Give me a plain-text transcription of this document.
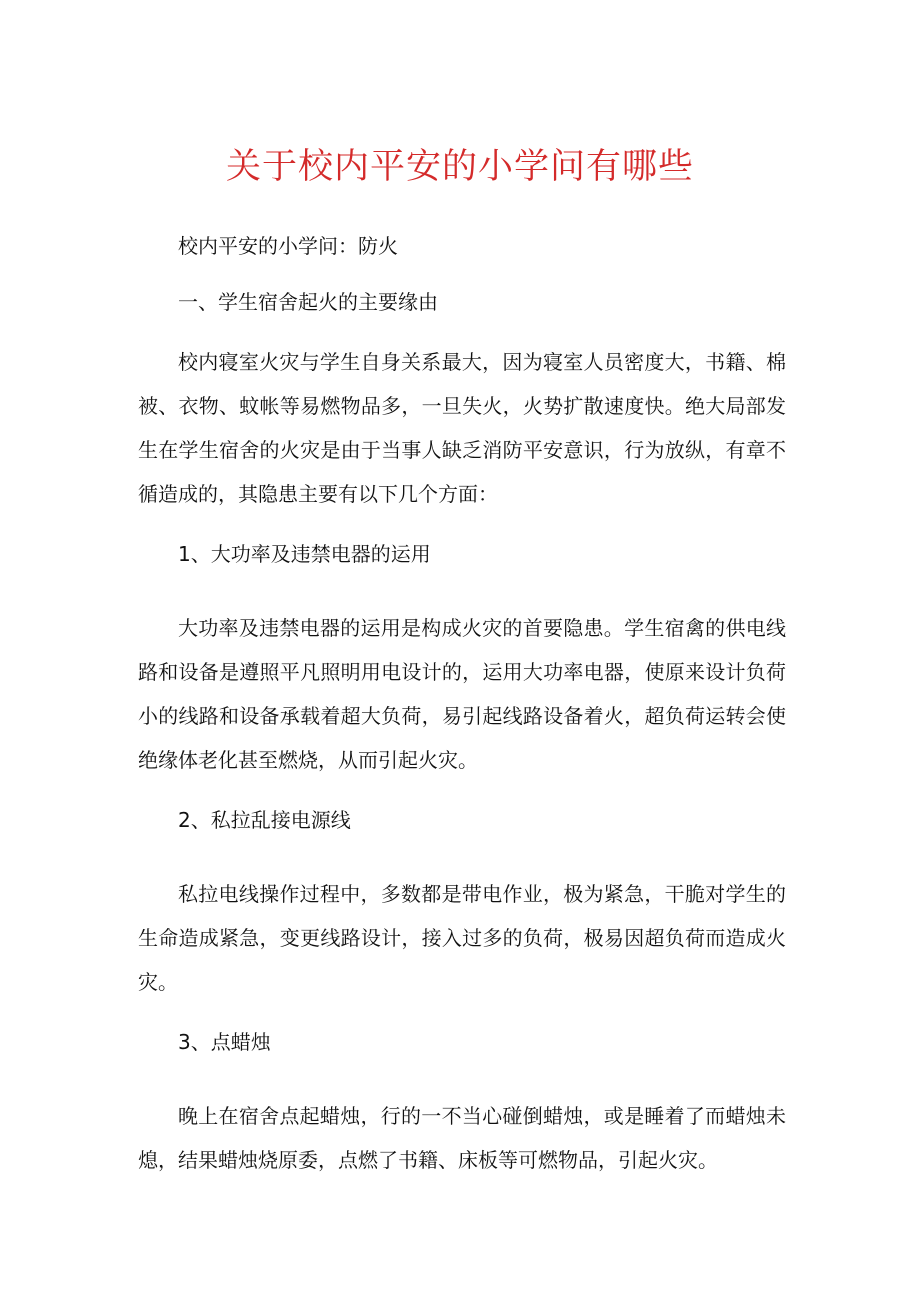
关于校内平安的小学问有哪些

校内平安的小学问：防火

一、学生宿舍起火的主要缘由

校内寝室火灾与学生自身关系最大，因为寝室人员密度大，书籍、棉被、衣物、蚊帐等易燃物品多，一旦失火，火势扩散速度快。绝大局部发生在学生宿舍的火灾是由于当事人缺乏消防平安意识，行为放纵，有章不循造成的，其隐患主要有以下几个方面：

1、大功率及违禁电器的运用

大功率及违禁电器的运用是构成火灾的首要隐患。学生宿禽的供电线路和设备是遵照平凡照明用电设计的，运用大功率电器，使原来设计负荷小的线路和设备承载着超大负荷，易引起线路设备着火，超负荷运转会使绝缘体老化甚至燃烧，从而引起火灾。

2、私拉乱接电源线

私拉电线操作过程中，多数都是带电作业，极为紧急，干脆对学生的生命造成紧急，变更线路设计，接入过多的负荷，极易因超负荷而造成火灾。

3、点蜡烛

晚上在宿舍点起蜡烛，行的一不当心碰倒蜡烛，或是睡着了而蜡烛未熄，结果蜡烛烧原委，点燃了书籍、床板等可燃物品，引起火灾。
